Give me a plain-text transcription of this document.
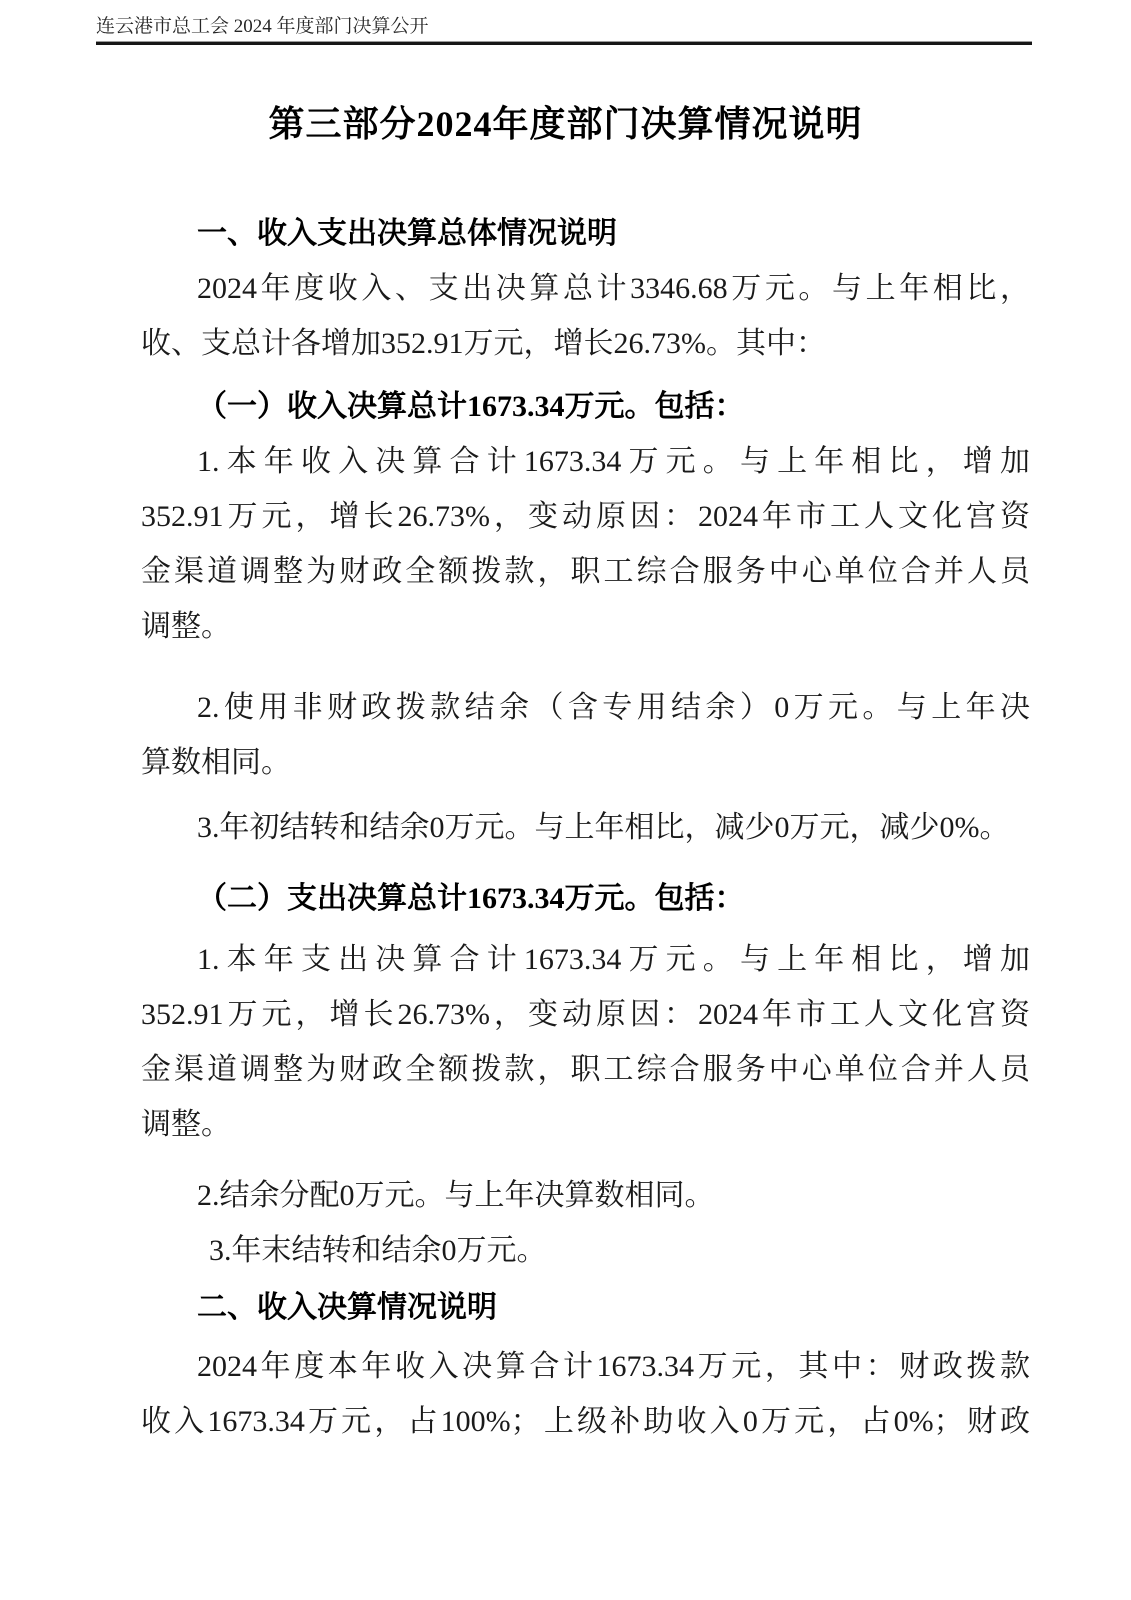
连云港市总工会 2024 年度部门决算公开
第三部分2024年度部门决算情况说明
一、收入支出决算总体情况说明
2024年度收入、支出决算总计3346.68万元。与上年相比，
收、支总计各增加352.91万元，增长26.73%。其中：
（一）收入决算总计1673.34万元。包括：
1.本年收入决算合计1673.34万元。与上年相比，增加
352.91万元，增长26.73%，变动原因：2024年市工人文化宫资
金渠道调整为财政全额拨款，职工综合服务中心单位合并人员
调整。
2.使用非财政拨款结余（含专用结余）0万元。与上年决
算数相同。
3.年初结转和结余0万元。与上年相比，减少0万元，减少0%。
（二）支出决算总计1673.34万元。包括：
1.本年支出决算合计1673.34万元。与上年相比，增加
352.91万元，增长26.73%，变动原因：2024年市工人文化宫资
金渠道调整为财政全额拨款，职工综合服务中心单位合并人员
调整。
2.结余分配0万元。与上年决算数相同。
3.年末结转和结余0万元。
二、收入决算情况说明
2024年度本年收入决算合计1673.34万元，其中：财政拨款
收入1673.34万元，占100%；上级补助收入0万元，占0%；财政
